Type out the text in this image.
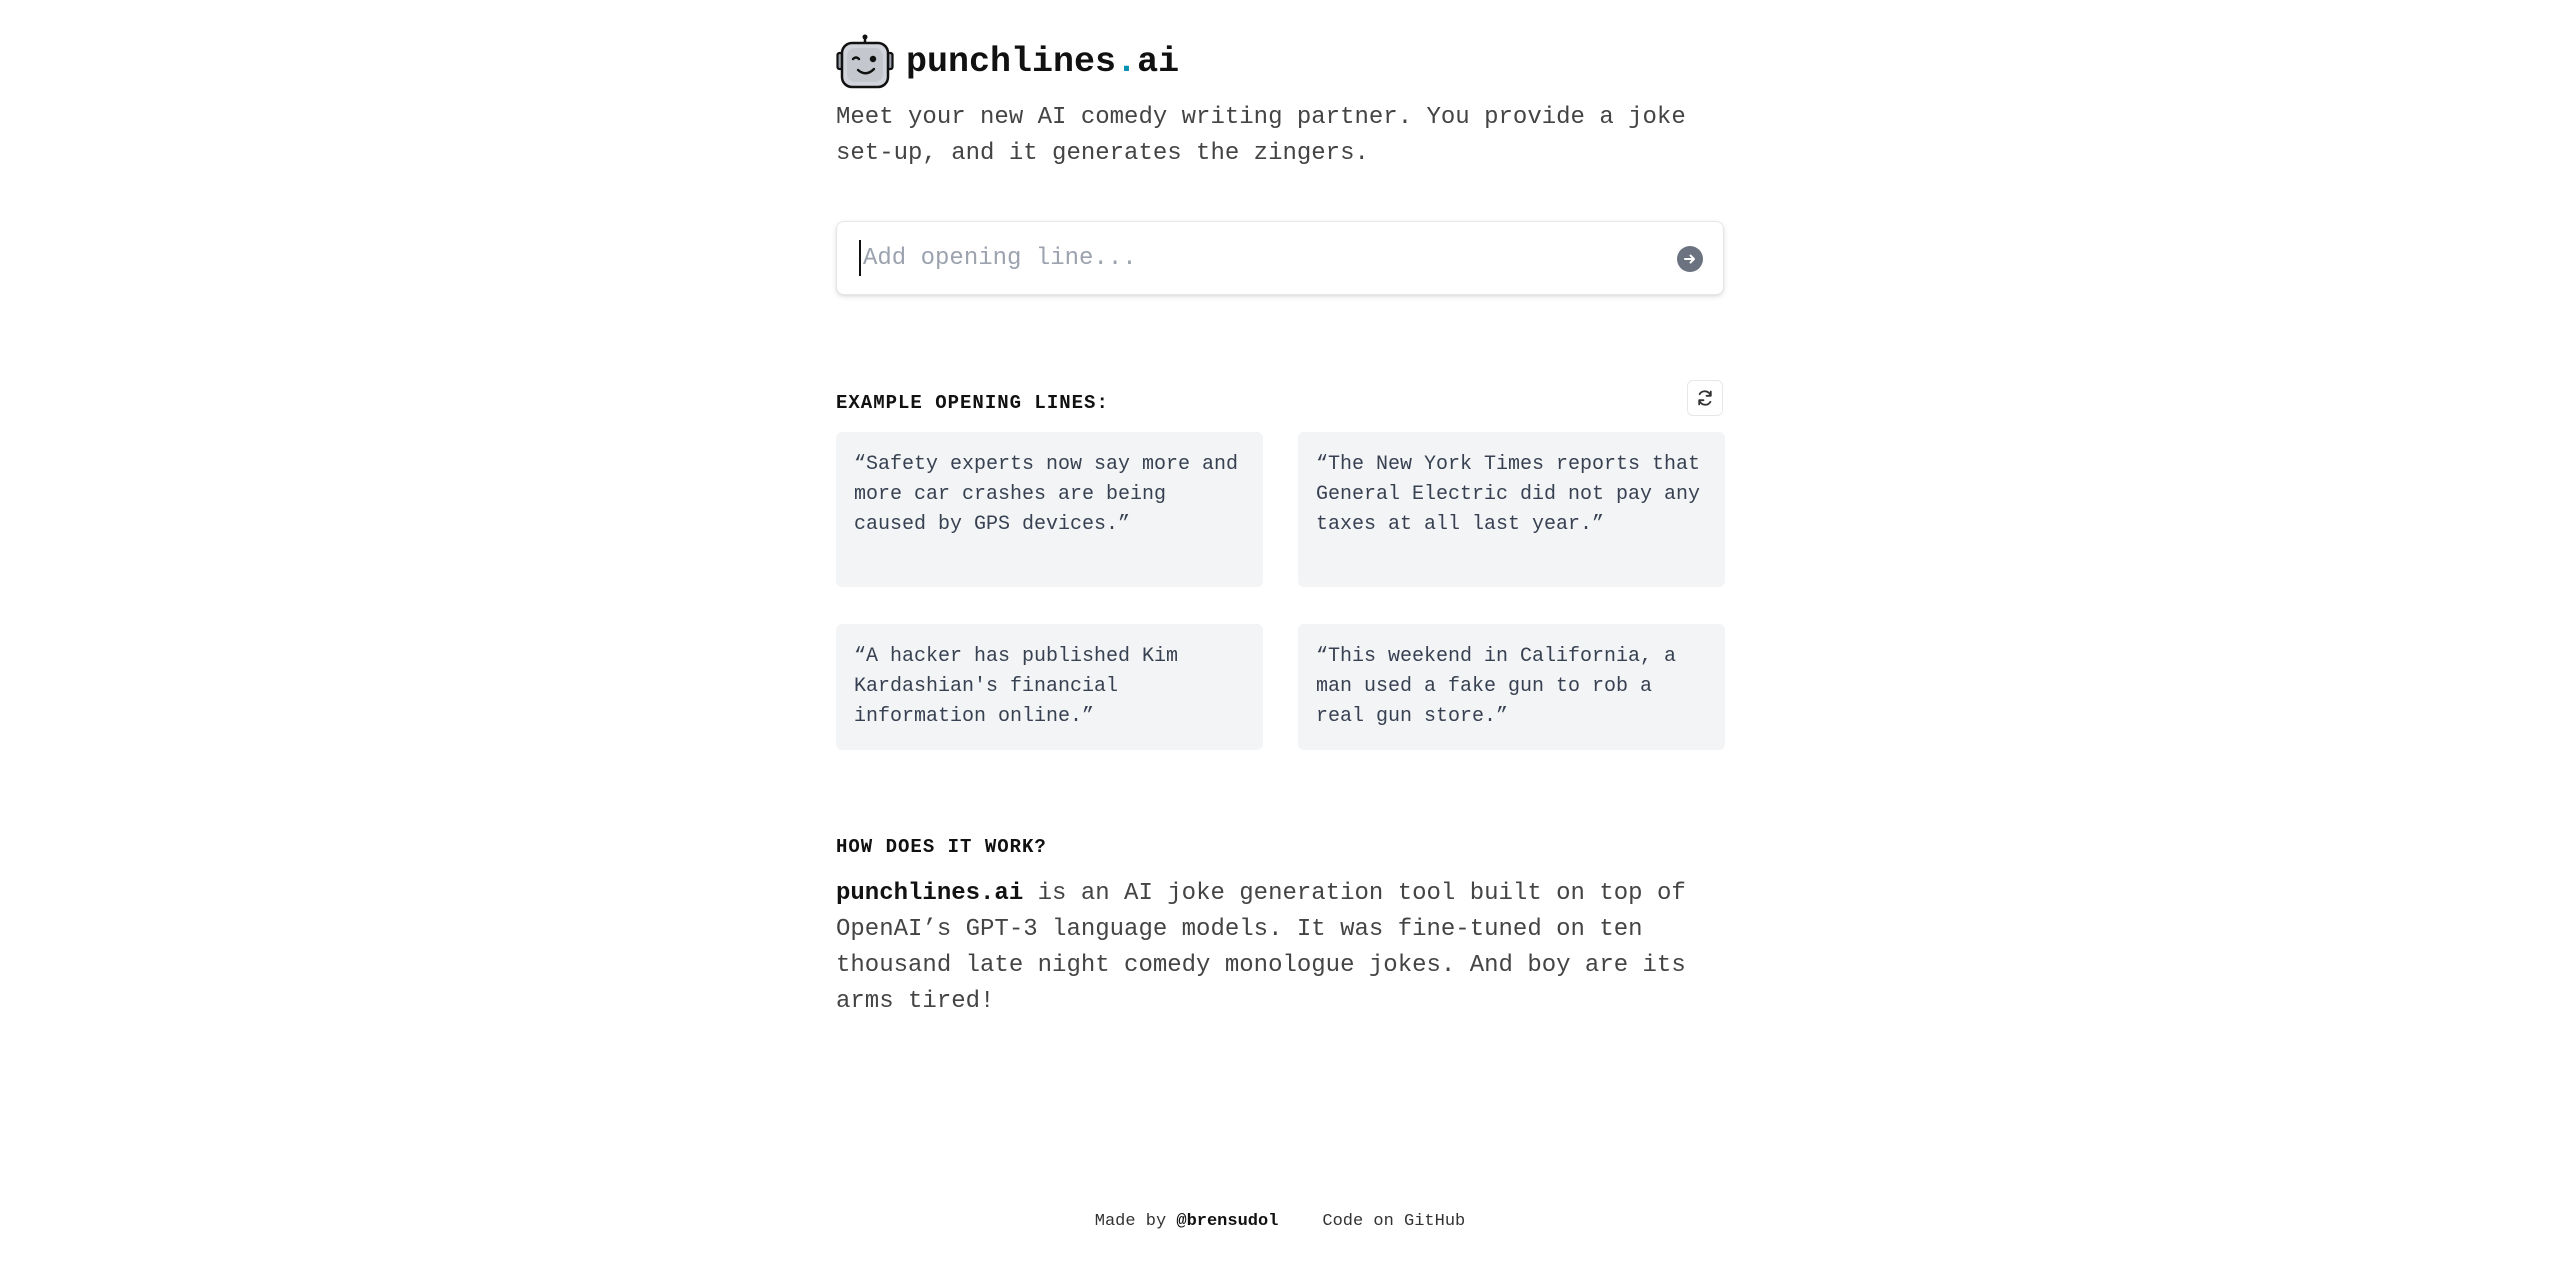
punchlines.ai

Meet your new AI comedy writing partner. You provide a joke set-up, and it generates the zingers.

Add opening line...
EXAMPLE OPENING LINES:
“Safety experts now say more and more car crashes are being caused by GPS devices.”
“The New York Times reports that General Electric did not pay any taxes at all last year.”
“A hacker has published Kim Kardashian's financial information online.”
“This weekend in California, a man used a fake gun to rob a real gun store.”
HOW DOES IT WORK?

punchlines.ai is an AI joke generation tool built on top of OpenAI’s GPT-3 language models. It was fine-tuned on ten thousand late night comedy monologue jokes. And boy are its arms tired!

Made by @brensudol	Code on GitHub
